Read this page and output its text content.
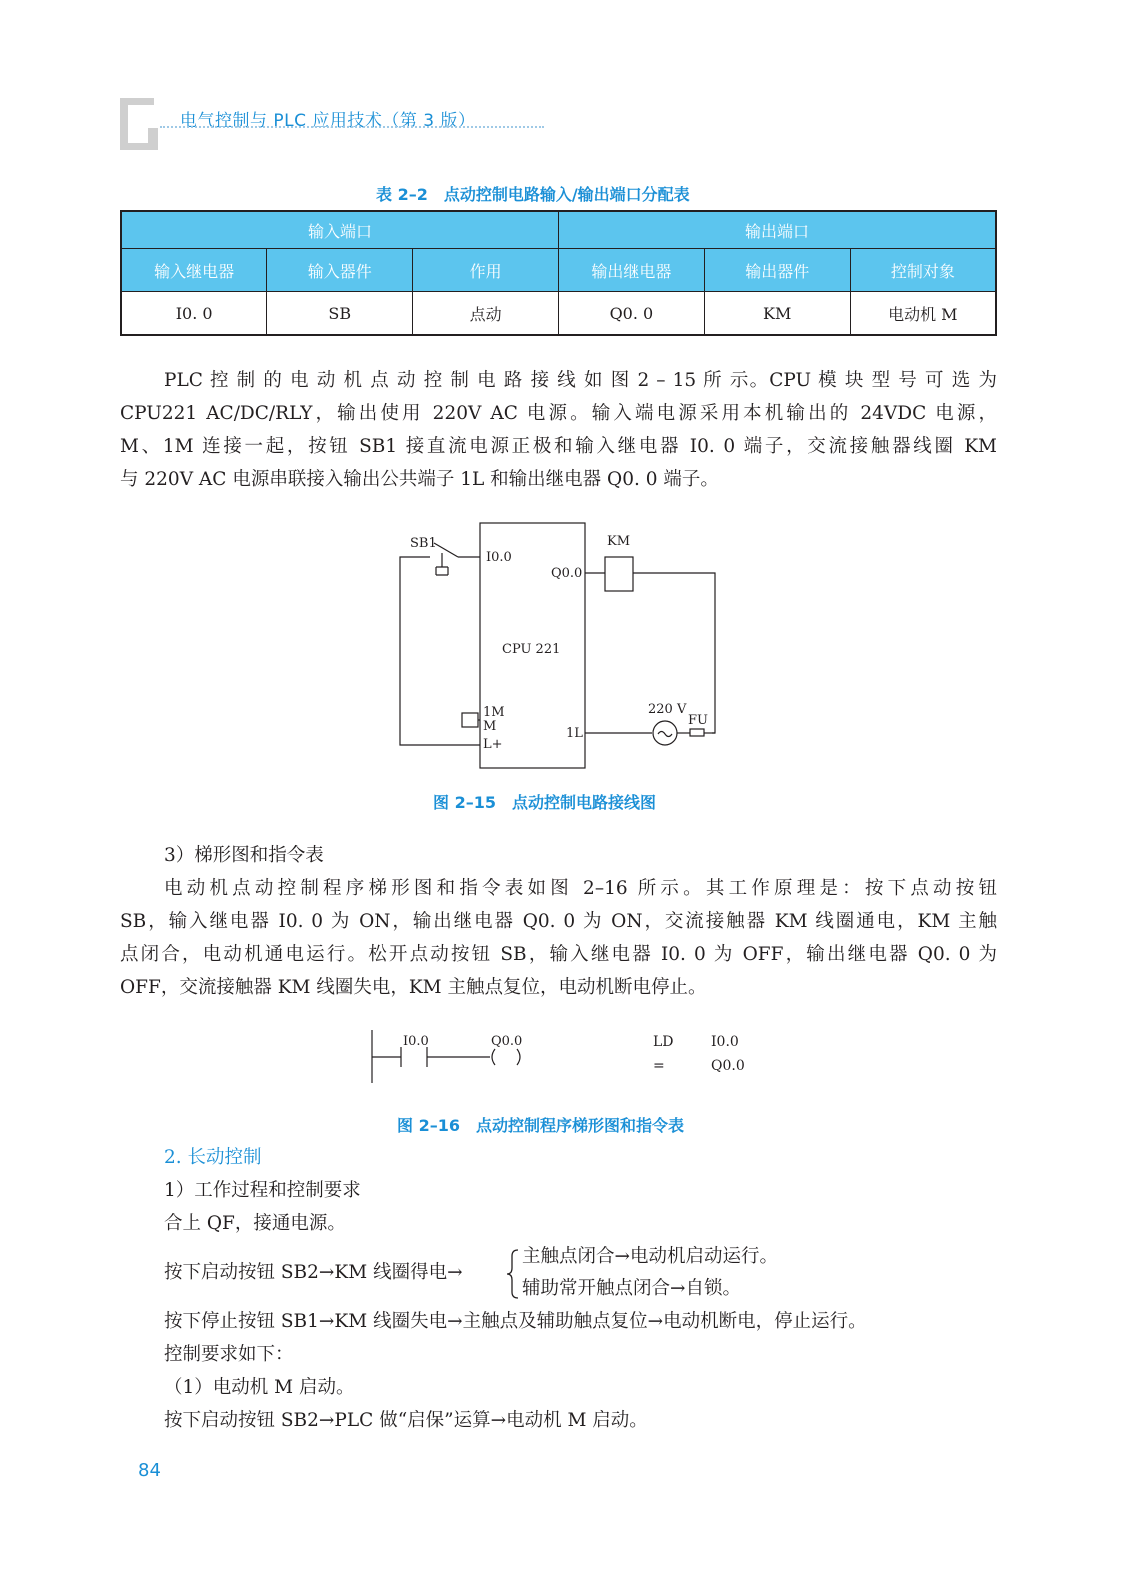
电气控制与 PLC 应用技术（第 3 版）
表 2–2　点动控制电路输入/输出端口分配表
输入端口			输出端口		
输入继电器	输入器件	作用	输出继电器	输出器件	控制对象
I0. 0	SB	点动	Q0. 0	KM	电动机 M
PLC 控 制 的 电 动 机 点 动 控 制 电 路 接 线 如 图 2 – 15 所 示。CPU 模 块 型 号 可 选 为
CPU221 AC/DC/RLY，输出使用 220V AC 电源。输入端电源采用本机输出的 24VDC 电源，
M、1M 连接一起，按钮 SB1 接直流电源正极和输入继电器 I0. 0 端子，交流接触器线圈 KM
与 220V AC 电源串联接入输出公共端子 1L 和输出继电器 Q0. 0 端子。
SB1
I0.0
KM
Q0.0
CPU 221
1M
M
L+
1L
220 V
FU
图 2–15　点动控制电路接线图
3）梯形图和指令表
电动机点动控制程序梯形图和指令表如图 2–16 所示。其工作原理是：按下点动按钮
SB，输入继电器 I0. 0 为 ON，输出继电器 Q0. 0 为 ON，交流接触器 KM 线圈通电，KM 主触
点闭合，电动机通电运行。松开点动按钮 SB，输入继电器 I0. 0 为 OFF，输出继电器 Q0. 0 为
OFF，交流接触器 KM 线圈失电，KM 主触点复位，电动机断电停止。
I0.0	Q0.0	LD	I0.0
=	Q0.0
图 2–16　点动控制程序梯形图和指令表
2. 长动控制
1）工作过程和控制要求
合上 QF，接通电源。
按下启动按钮 SB2→KM 线圈得电→
主触点闭合→电动机启动运行。
辅助常开触点闭合→自锁。
按下停止按钮 SB1→KM 线圈失电→主触点及辅助触点复位→电动机断电，停止运行。
控制要求如下：
（1）电动机 M 启动。
按下启动按钮 SB2→PLC 做“启保”运算→电动机 M 启动。
84
